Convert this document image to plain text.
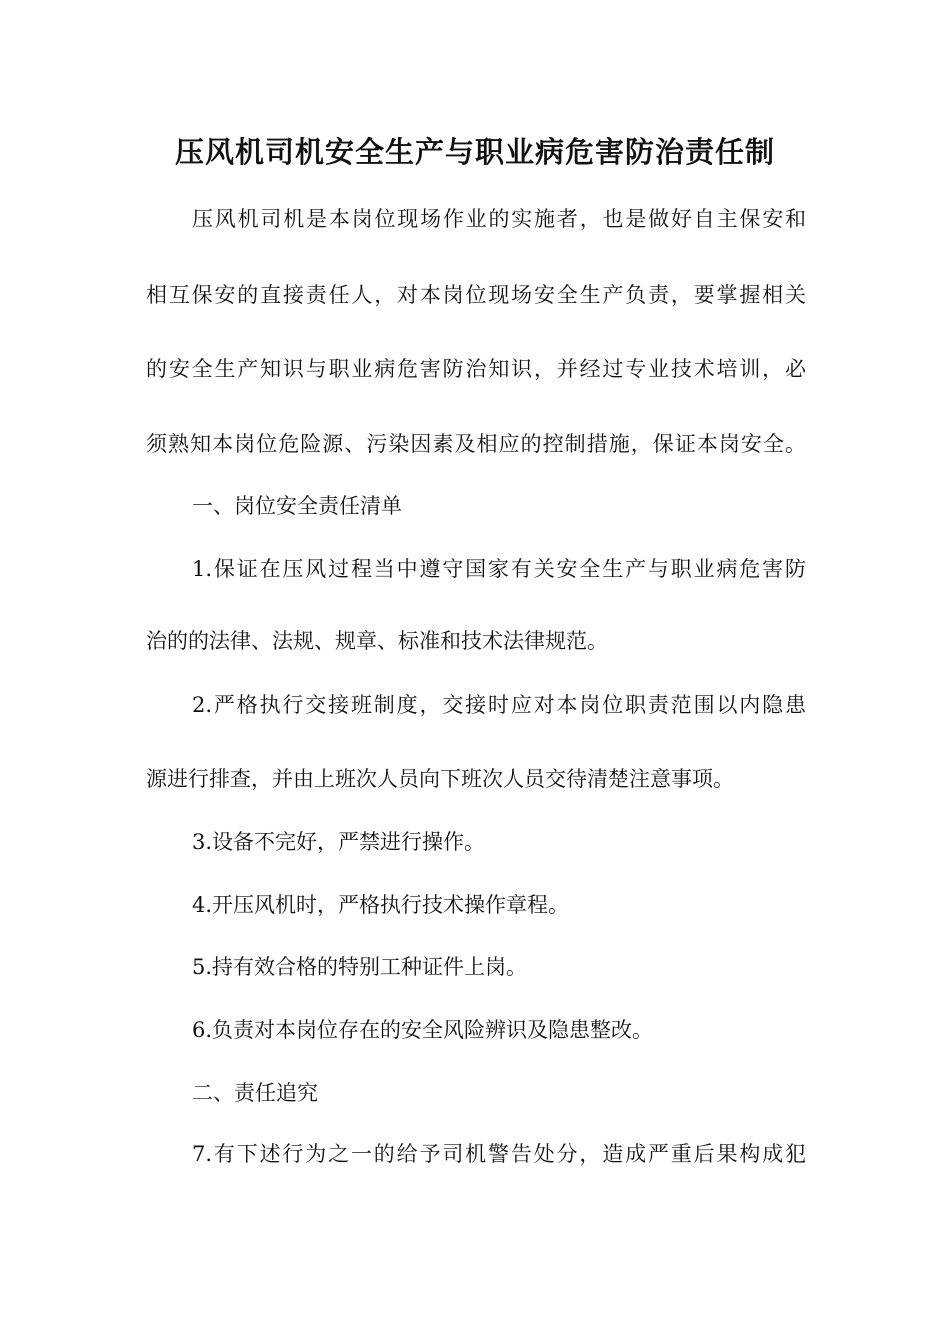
压风机司机安全生产与职业病危害防治责任制
压风机司机是本岗位现场作业的实施者，也是做好自主保安和
相互保安的直接责任人，对本岗位现场安全生产负责，要掌握相关
的安全生产知识与职业病危害防治知识，并经过专业技术培训，必
须熟知本岗位危险源、污染因素及相应的控制措施，保证本岗安全。
一、岗位安全责任清单
1.保证在压风过程当中遵守国家有关安全生产与职业病危害防
治的的法律、法规、规章、标准和技术法律规范。
2.严格执行交接班制度，交接时应对本岗位职责范围以内隐患
源进行排查，并由上班次人员向下班次人员交待清楚注意事项。
3.设备不完好，严禁进行操作。
4.开压风机时，严格执行技术操作章程。
5.持有效合格的特别工种证件上岗。
6.负责对本岗位存在的安全风险辨识及隐患整改。
二、责任追究
7.有下述行为之一的给予司机警告处分，造成严重后果构成犯
